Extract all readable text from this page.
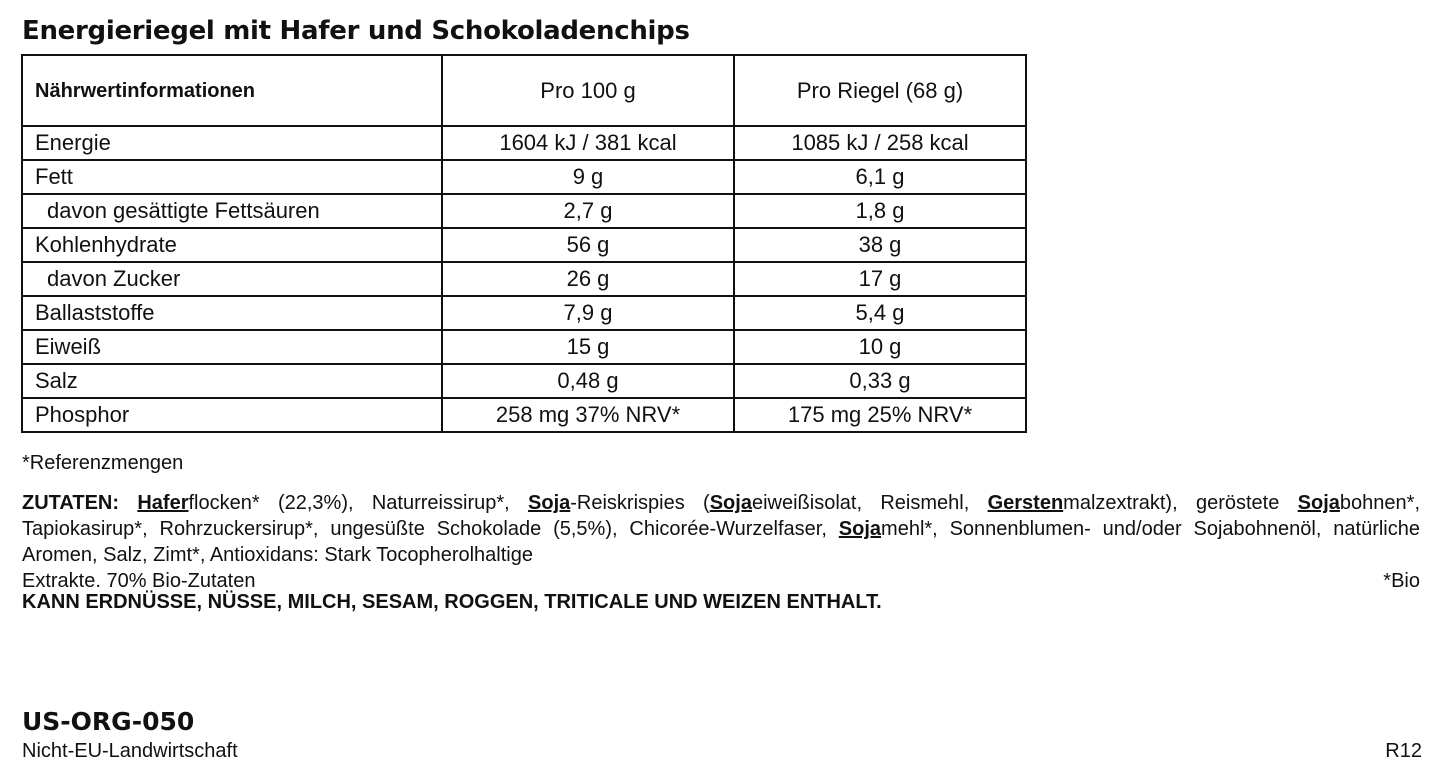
Energieriegel mit Hafer und Schokoladenchips
Nährwertinformationen	Pro 100 g	Pro Riegel (68 g)
Energie	1604 kJ / 381 kcal	1085 kJ / 258 kcal
Fett	9 g	6,1 g
davon gesättigte Fettsäuren	2,7 g	1,8 g
Kohlenhydrate	56 g	38 g
davon Zucker	26 g	17 g
Ballaststoffe	7,9 g	5,4 g
Eiweiß	15 g	10 g
Salz	0,48 g	0,33 g
Phosphor	258 mg 37% NRV*	175 mg 25% NRV*
*Referenzmengen
ZUTATEN: Haferflocken* (22,3%), Naturreissirup*, Soja-Reiskrispies (Sojaeiweißisolat, Reismehl, Gerstenmalzextrakt), geröstete Sojabohnen*, Tapiokasirup*, Rohrzuckersirup*, ungesüßte Schokolade (5,5%), Chicorée-Wurzelfaser, Sojamehl*, Sonnenblumen- und/oder Sojabohnenöl, natürliche Aromen, Salz, Zimt*, Antioxidans: Stark Tocopherolhaltige
Extrakte. 70% Bio-Zutaten	*Bio
KANN ERDNÜSSE, NÜSSE, MILCH, SESAM, ROGGEN, TRITICALE UND WEIZEN ENTHALT.
US-ORG-050
Nicht-EU-Landwirtschaft	R12
